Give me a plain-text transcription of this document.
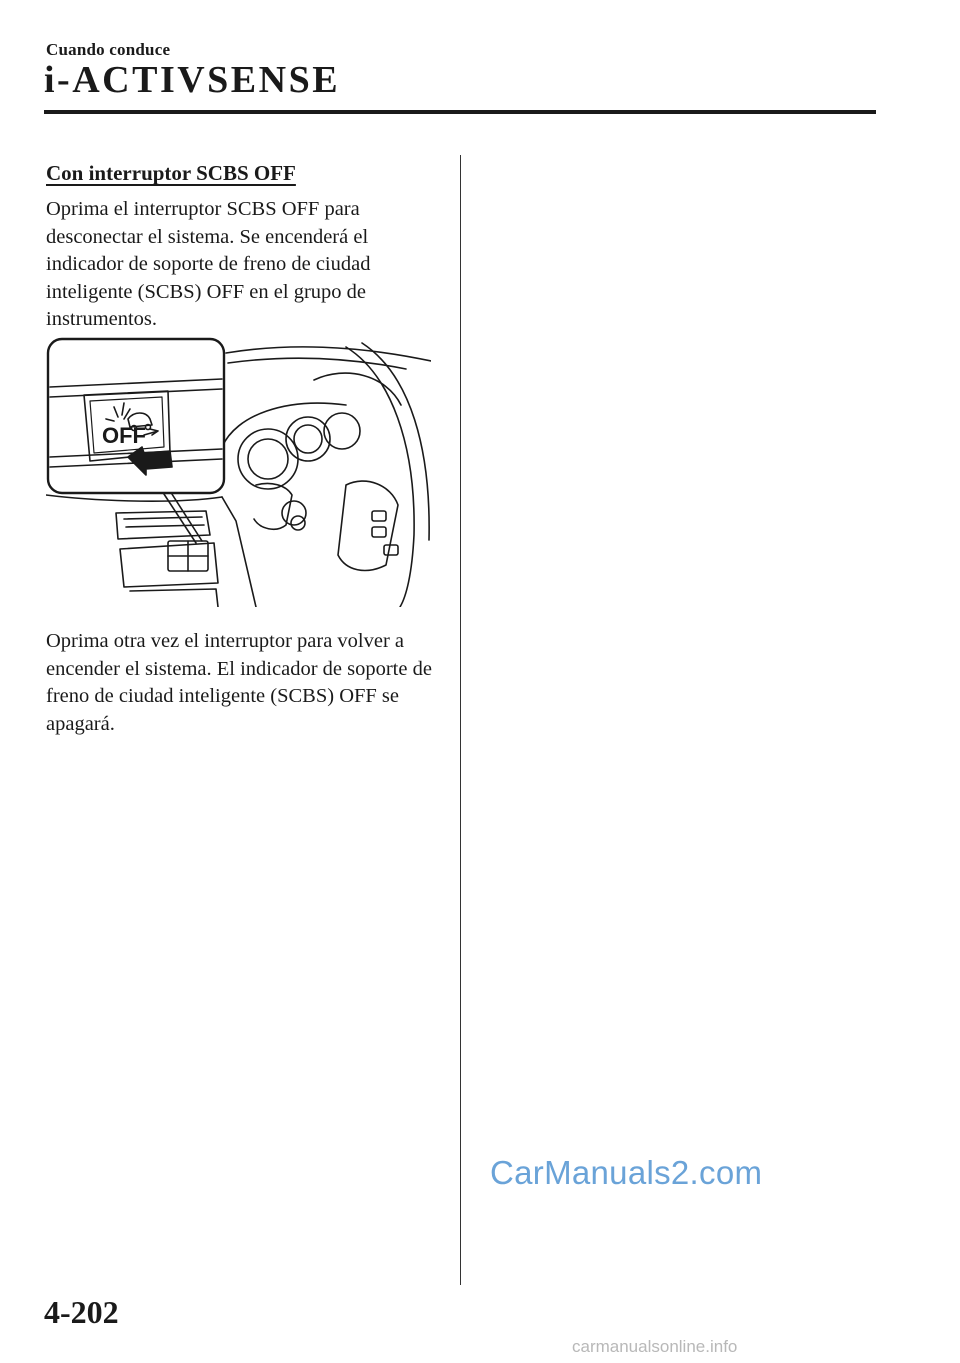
Cuando conduce
i-ACTIVSENSE
Con interruptor SCBS OFF

Oprima el interruptor SCBS OFF para desconectar el sistema. Se encenderá el indicador de soporte de freno de ciudad inteligente (SCBS) OFF en el grupo de instrumentos.

OFF

Oprima otra vez el interruptor para volver a encender el sistema. El indicador de soporte de freno de ciudad inteligente (SCBS) OFF se apagará.

CarManuals2.com
4-202
carmanualsonline.info
